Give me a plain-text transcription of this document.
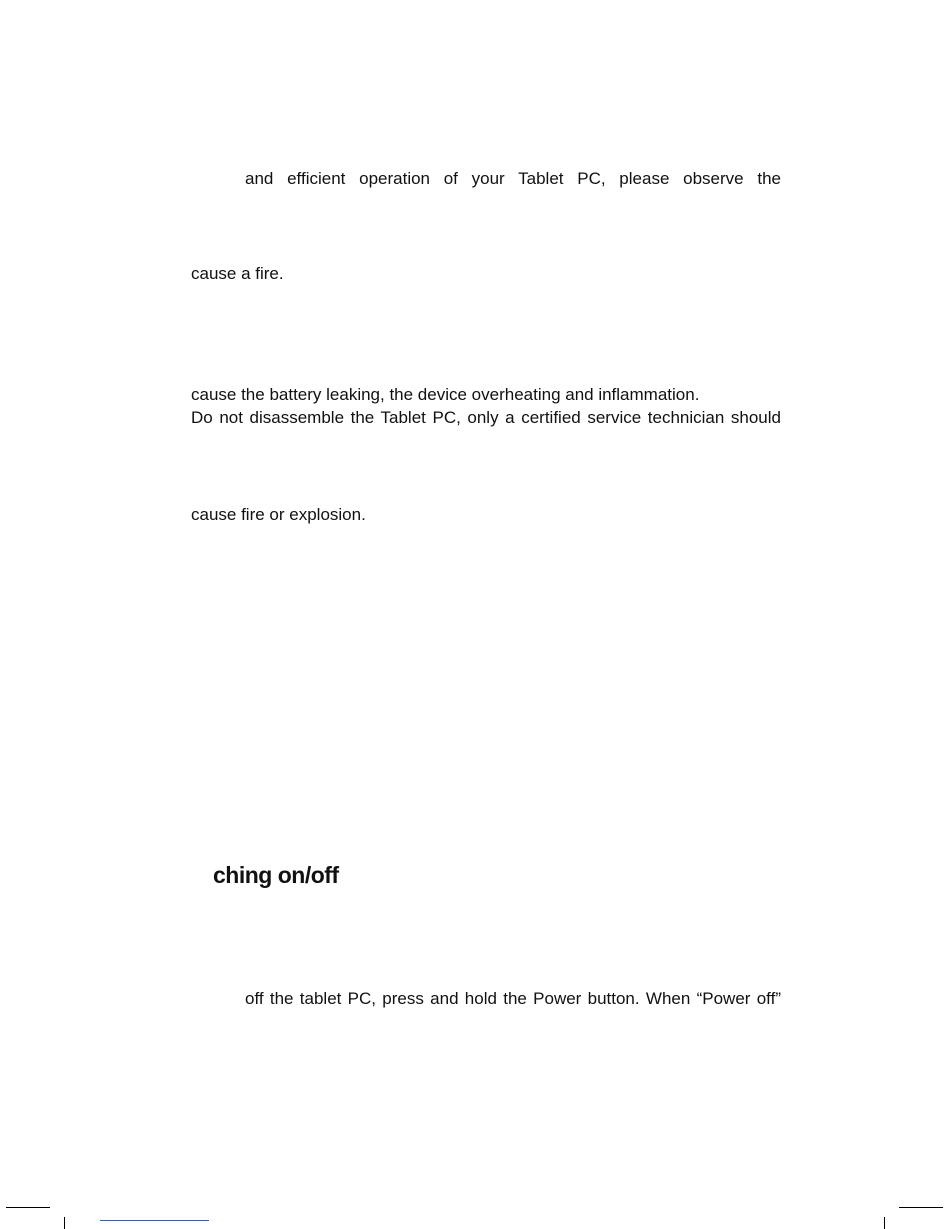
and efficient operation of your Tablet PC, please observe the
cause a fire.
cause the battery leaking, the device overheating and inflammation.
Do not disassemble the Tablet PC, only a certified service technician should
cause fire or explosion.
ching on/off
off the tablet PC, press and hold the Power button. When “Power off”
